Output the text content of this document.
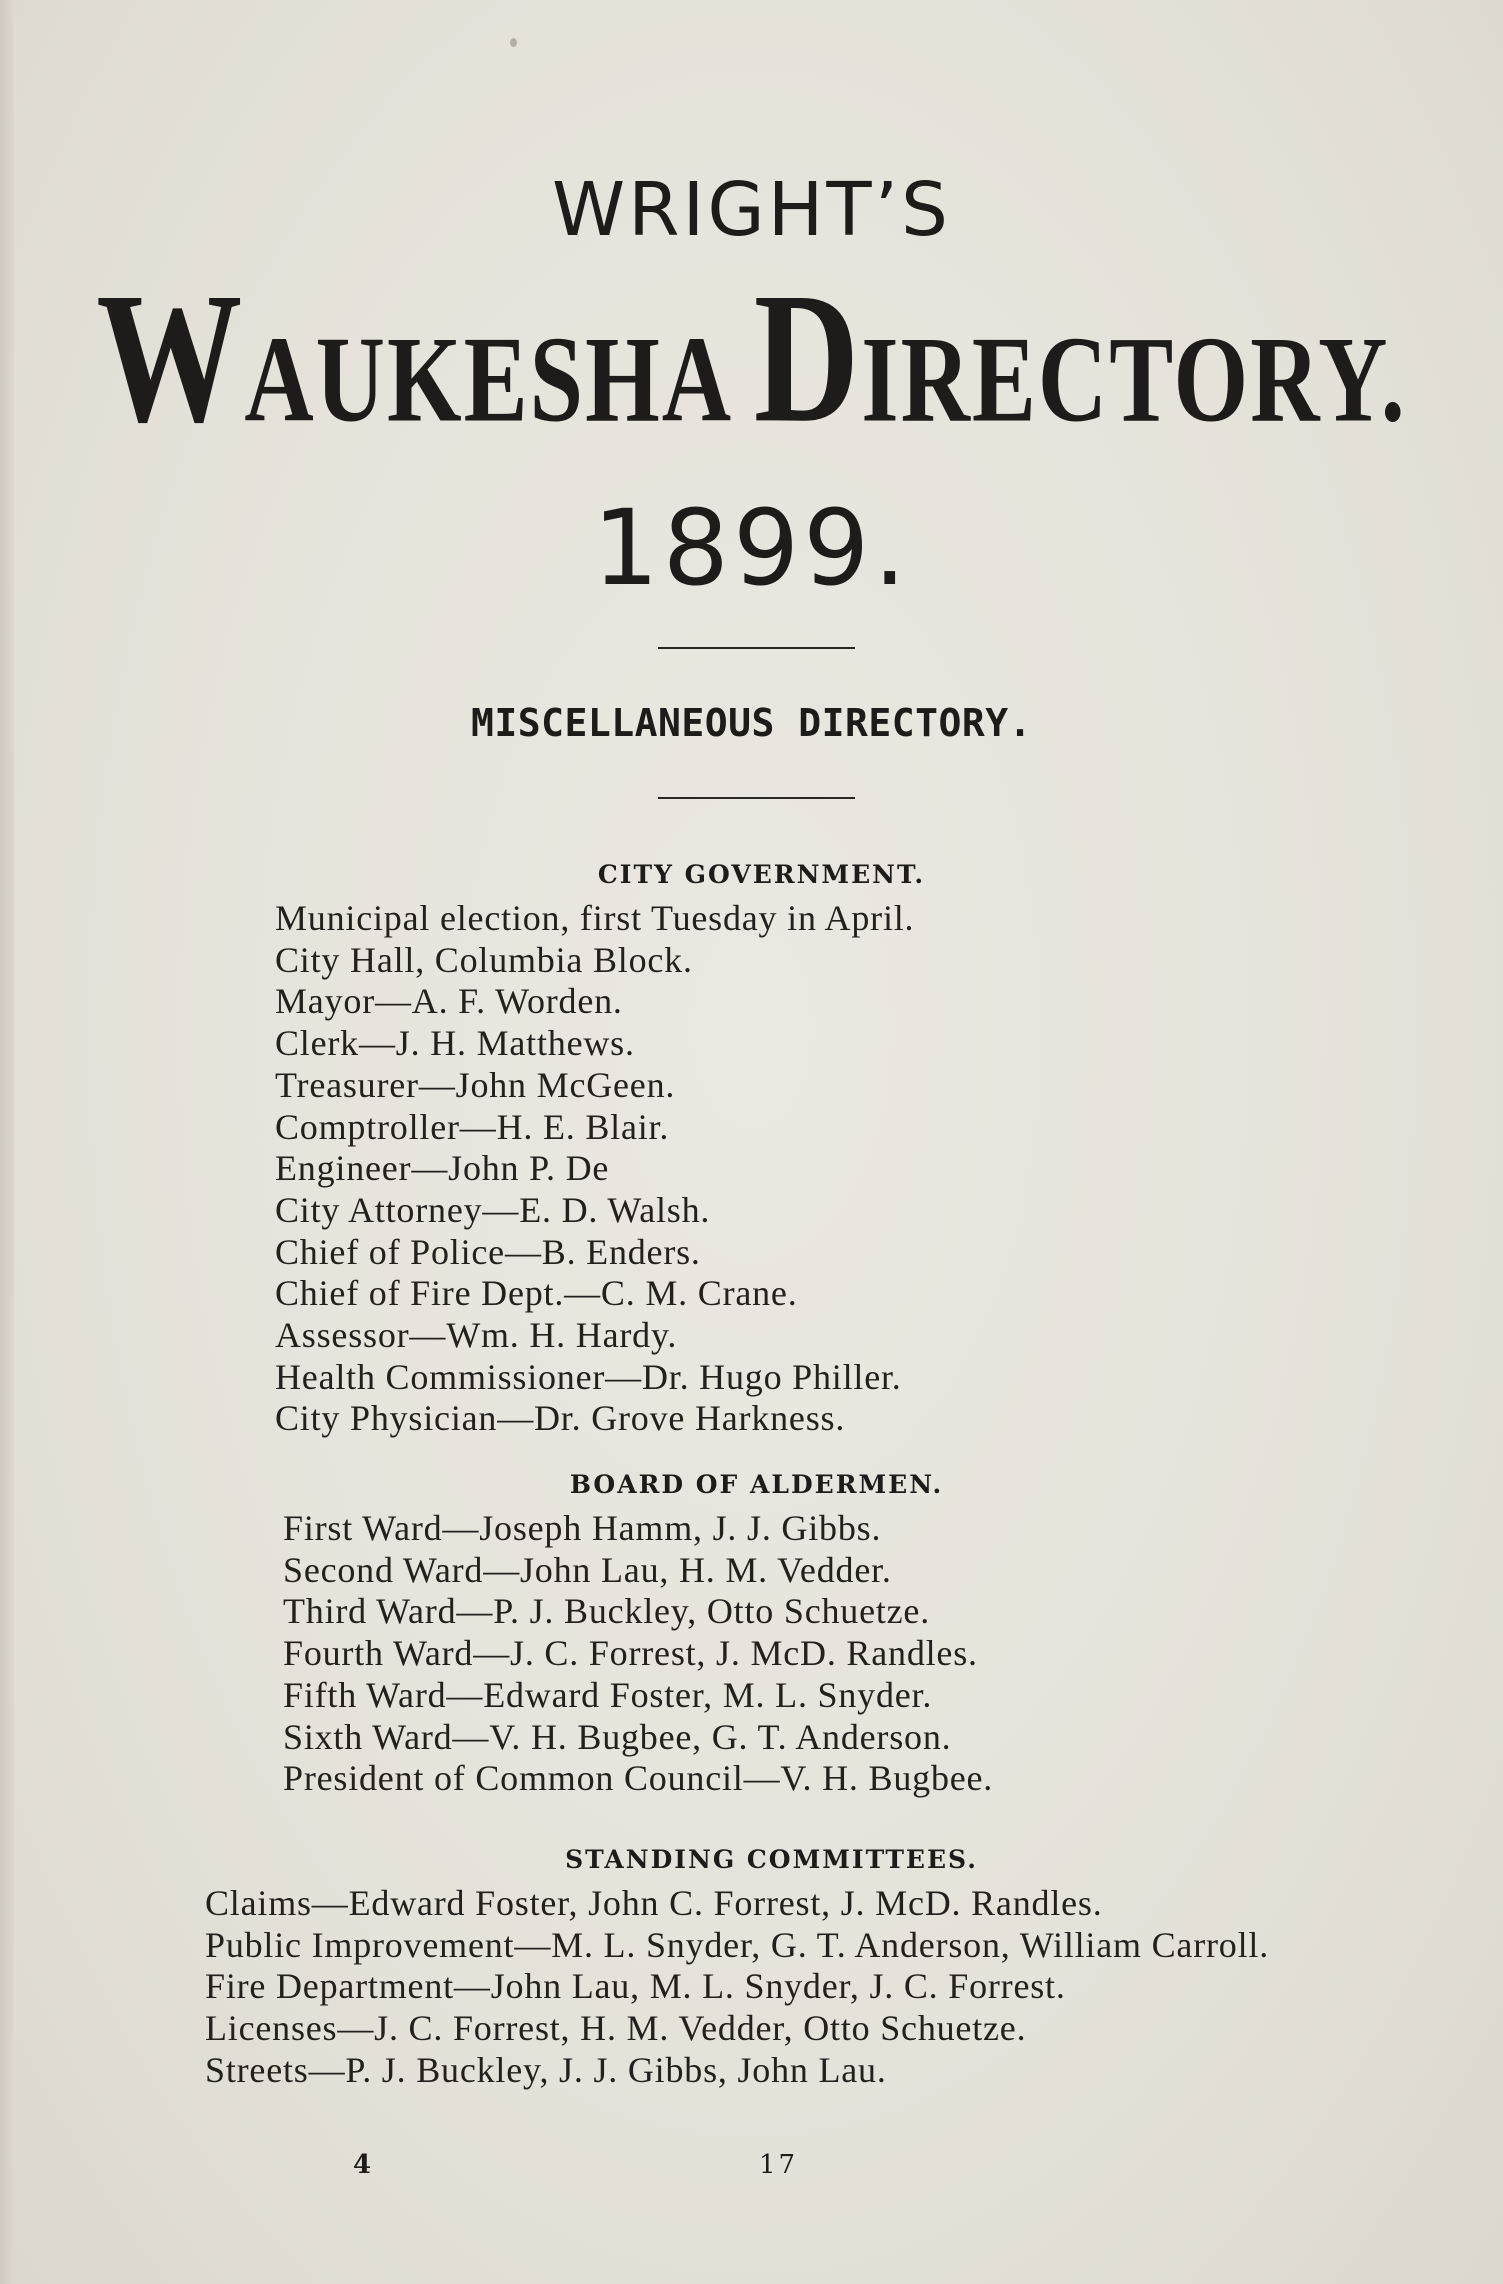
WRIGHT’S
WAUKESHA DIRECTORY.
1899.
MISCELLANEOUS DIRECTORY.
CITY GOVERNMENT.
Municipal election, first Tuesday in April.
City Hall, Columbia Block.
Mayor—A. F. Worden.
Clerk—J. H. Matthews.
Treasurer—John McGeen.
Comptroller—H. E. Blair.
Engineer—John P. De
City Attorney—E. D. Walsh.
Chief of Police—B. Enders.
Chief of Fire Dept.—C. M. Crane.
Assessor—Wm. H. Hardy.
Health Commissioner—Dr. Hugo Philler.
City Physician—Dr. Grove Harkness.
BOARD OF ALDERMEN.
First Ward—Joseph Hamm, J. J. Gibbs.
Second Ward—John Lau, H. M. Vedder.
Third Ward—P. J. Buckley, Otto Schuetze.
Fourth Ward—J. C. Forrest, J. McD. Randles.
Fifth Ward—Edward Foster, M. L. Snyder.
Sixth Ward—V. H. Bugbee, G. T. Anderson.
President of Common Council—V. H. Bugbee.
STANDING COMMITTEES.
Claims—Edward Foster, John C. Forrest, J. McD. Randles.
Public Improvement—M. L. Snyder, G. T. Anderson, William Carroll.
Fire Department—John Lau, M. L. Snyder, J. C. Forrest.
Licenses—J. C. Forrest, H. M. Vedder, Otto Schuetze.
Streets—P. J. Buckley, J. J. Gibbs, John Lau.

4	17
